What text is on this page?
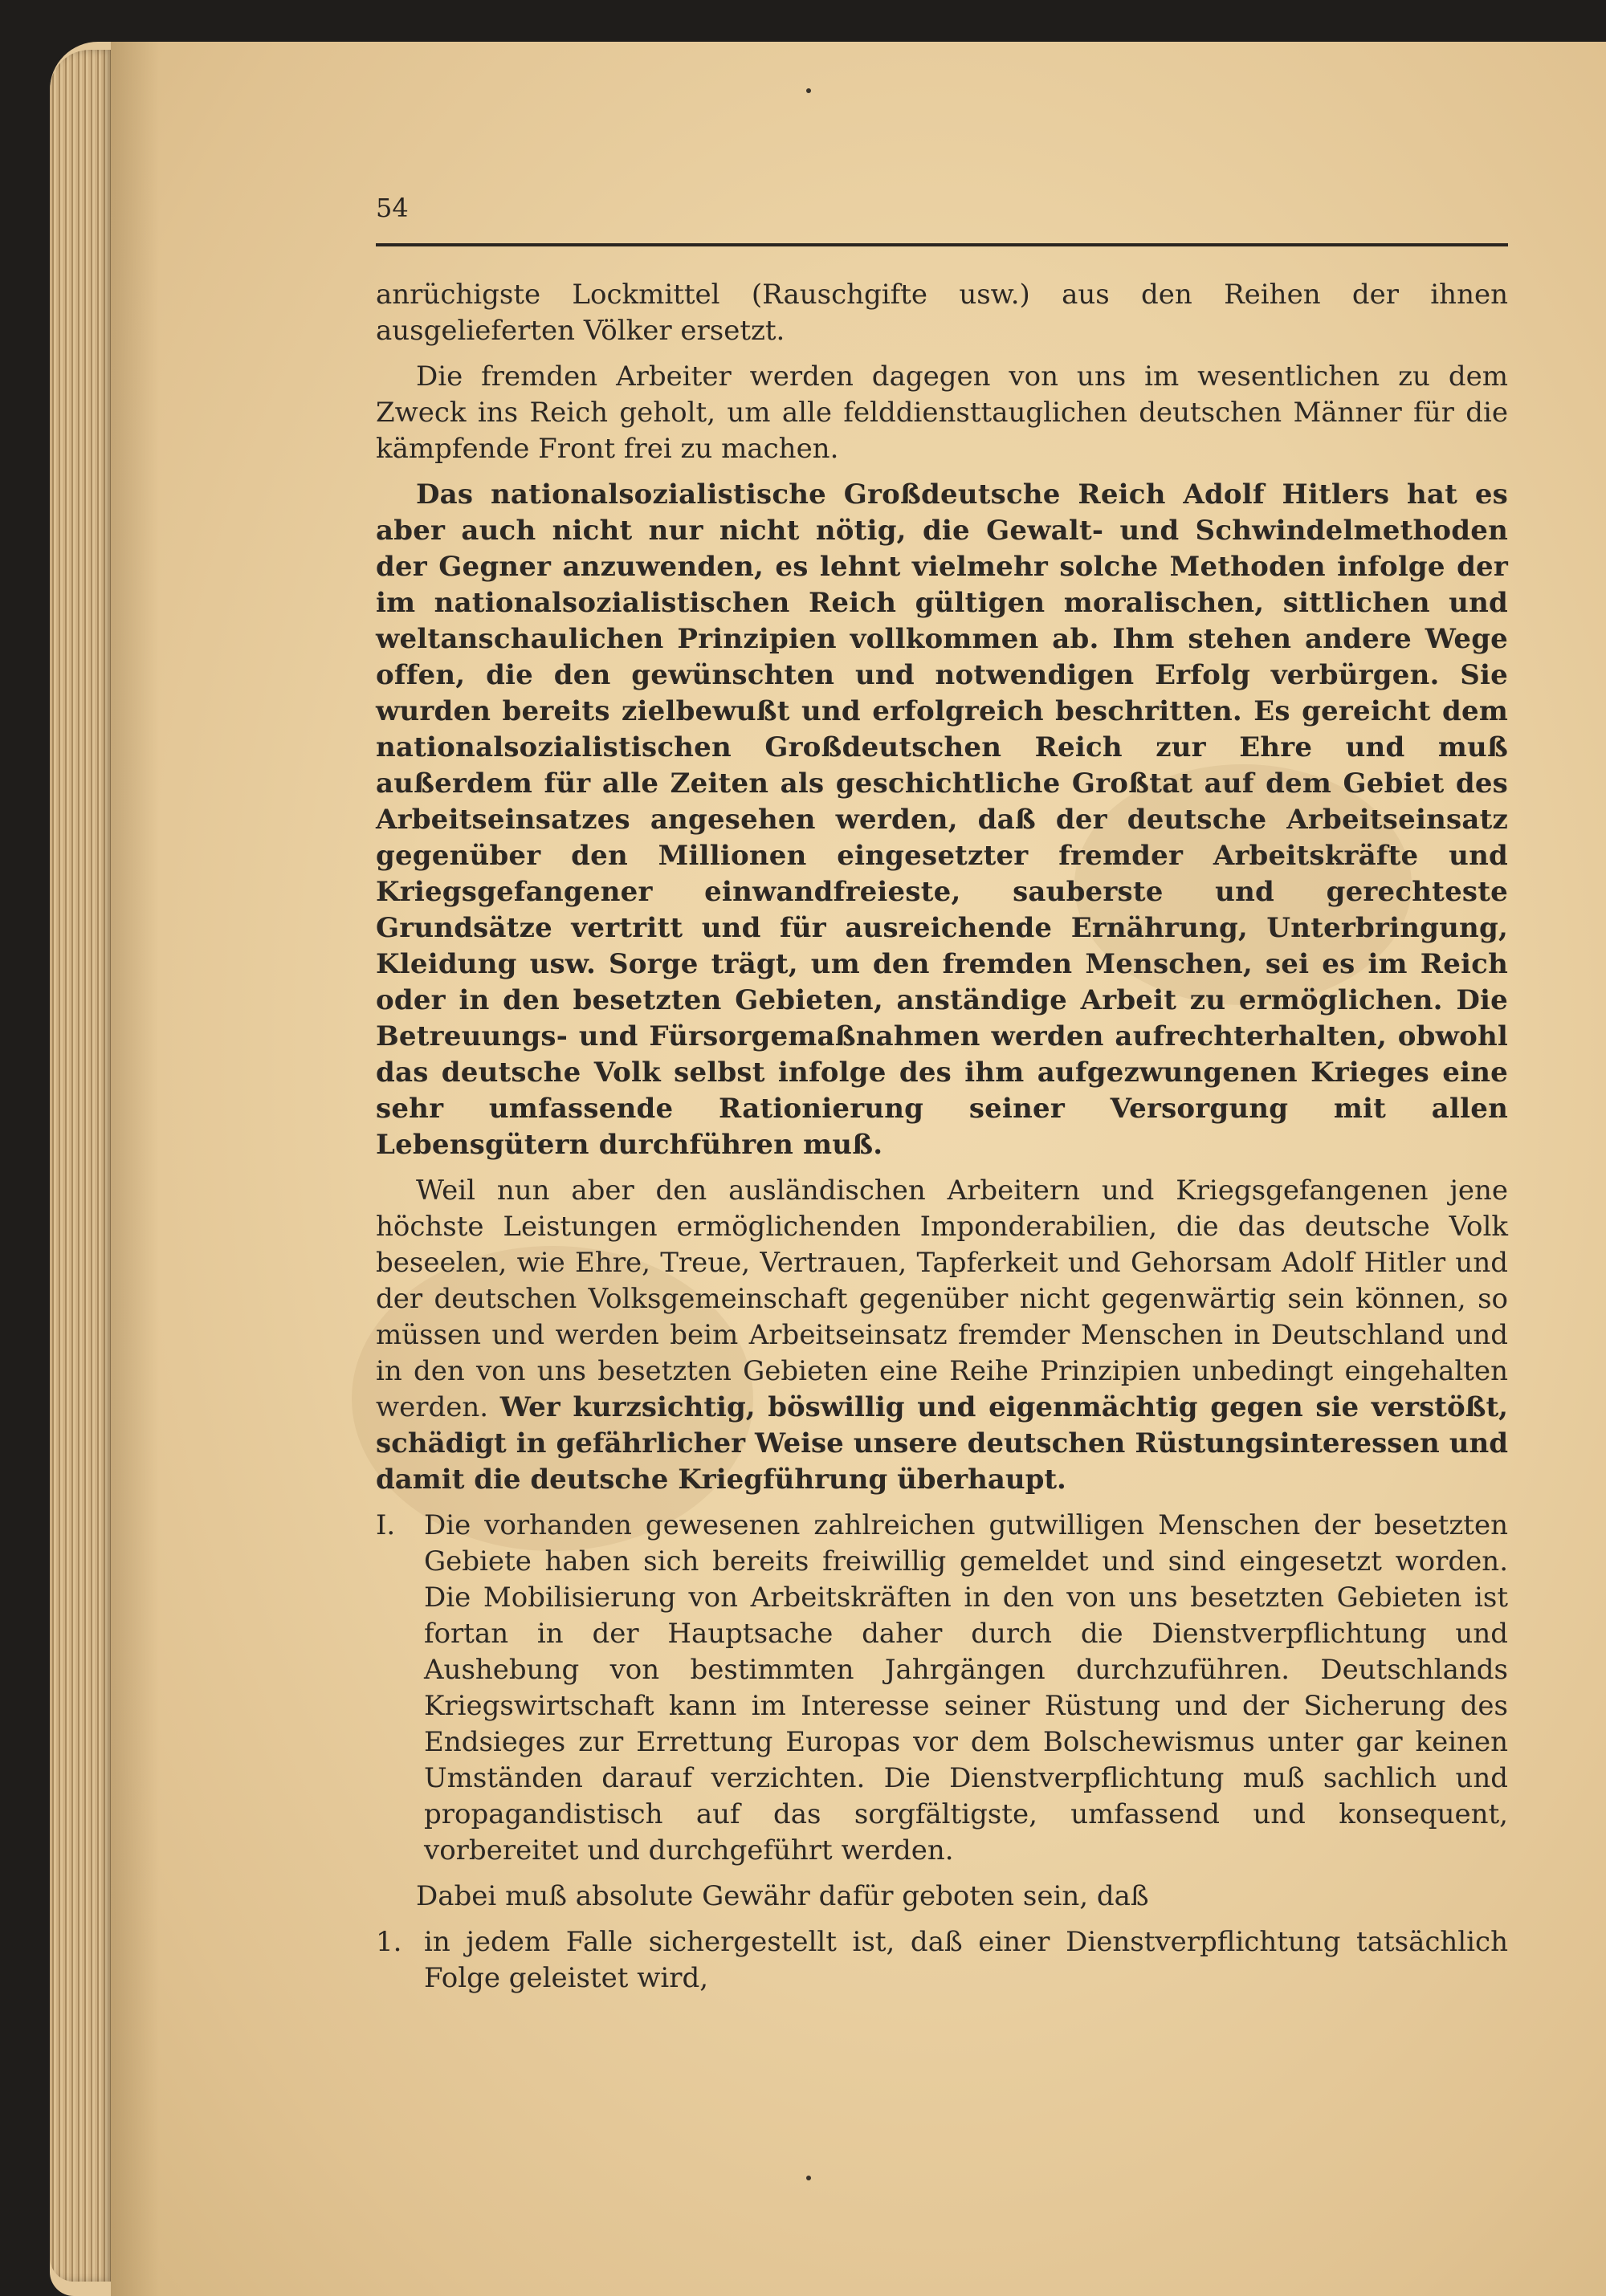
54

anrüchigste Lockmittel (Rauschgifte usw.) aus den Reihen der ihnen ausgelieferten Völker ersetzt.

Die fremden Arbeiter werden dagegen von uns im wesentlichen zu dem Zweck ins Reich geholt, um alle felddiensttauglichen deutschen Männer für die kämpfende Front frei zu machen.

Das nationalsozialistische Großdeutsche Reich Adolf Hitlers hat es aber auch nicht nur nicht nötig, die Gewalt- und Schwindelmethoden der Gegner anzuwenden, es lehnt vielmehr solche Methoden infolge der im nationalsozialistischen Reich gültigen moralischen, sittlichen und weltanschaulichen Prinzipien vollkommen ab. Ihm stehen andere Wege offen, die den gewünschten und notwendigen Erfolg verbürgen. Sie wurden bereits zielbewußt und erfolgreich beschritten. Es gereicht dem nationalsozialistischen Großdeutschen Reich zur Ehre und muß außerdem für alle Zeiten als geschichtliche Großtat auf dem Gebiet des Arbeitseinsatzes angesehen werden, daß der deutsche Arbeitseinsatz gegenüber den Millionen eingesetzter fremder Arbeitskräfte und Kriegsgefangener einwandfreieste, sauberste und gerechteste Grundsätze vertritt und für ausreichende Ernährung, Unterbringung, Kleidung usw. Sorge trägt, um den fremden Menschen, sei es im Reich oder in den besetzten Gebieten, anständige Arbeit zu ermöglichen. Die Betreuungs- und Fürsorgemaßnahmen werden aufrechterhalten, obwohl das deutsche Volk selbst infolge des ihm aufgezwungenen Krieges eine sehr umfassende Rationierung seiner Versorgung mit allen Lebensgütern durchführen muß.

Weil nun aber den ausländischen Arbeitern und Kriegsgefangenen jene höchste Leistungen ermöglichenden Imponderabilien, die das deutsche Volk beseelen, wie Ehre, Treue, Vertrauen, Tapferkeit und Gehorsam Adolf Hitler und der deutschen Volksgemeinschaft gegenüber nicht gegenwärtig sein können, so müssen und werden beim Arbeitseinsatz fremder Menschen in Deutschland und in den von uns besetzten Gebieten eine Reihe Prinzipien unbedingt eingehalten werden. Wer kurzsichtig, böswillig und eigenmächtig gegen sie verstößt, schädigt in gefährlicher Weise unsere deutschen Rüstungsinteressen und damit die deutsche Kriegführung überhaupt.

I.	Die vorhanden gewesenen zahlreichen gutwilligen Menschen der besetzten Gebiete haben sich bereits freiwillig gemeldet und sind eingesetzt worden. Die Mobilisierung von Arbeitskräften in den von uns besetzten Gebieten ist fortan in der Hauptsache daher durch die Dienstverpflichtung und Aushebung von bestimmten Jahrgängen durchzuführen. Deutschlands Kriegswirtschaft kann im Interesse seiner Rüstung und der Sicherung des Endsieges zur Errettung Europas vor dem Bolschewismus unter gar keinen Umständen darauf verzichten. Die Dienstverpflichtung muß sachlich und propagandistisch auf das sorgfältigste, umfassend und konsequent, vorbereitet und durchgeführt werden.

Dabei muß absolute Gewähr dafür geboten sein, daß

1. in jedem Falle sichergestellt ist, daß einer Dienstverpflichtung tatsächlich Folge geleistet wird,
